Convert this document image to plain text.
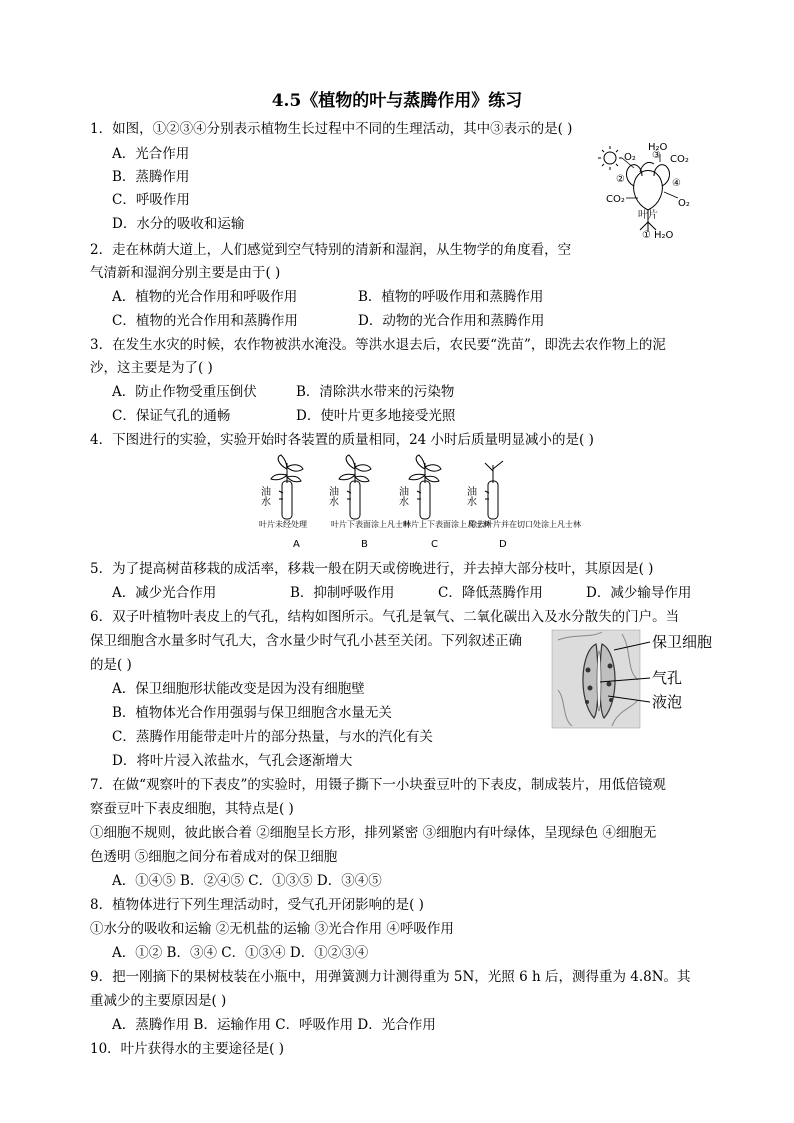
4.5《植物的叶与蒸腾作用》练习
1．如图，①②③④分别表示植物生长过程中不同的生理活动，其中③表示的是( )
A．光合作用
B．蒸腾作用
C．呼吸作用
D．水分的吸收和运输
H₂O
O₂	CO₂
②
③
④
CO₂
叶片
O₂
① H₂O
2．走在林荫大道上，人们感觉到空气特别的清新和湿润，从生物学的角度看，空
气清新和湿润分别主要是由于( )
A．植物的光合作用和呼吸作用	B．植物的呼吸作用和蒸腾作用
C．植物的光合作用和蒸腾作用	D．动物的光合作用和蒸腾作用
3．在发生水灾的时候，农作物被洪水淹没。等洪水退去后，农民要“洗苗”，即洗去农作物上的泥
沙，这主要是为了( )
A．防止作物受重压倒伏	B．清除洪水带来的污染物
C．保证气孔的通畅	D．使叶片更多地接受光照
4．下图进行的实验，实验开始时各装置的质量相同，24 小时后质量明显减小的是( )
油
水
油
水
油
水
油
水
叶片未经处理	叶片下表面涂上凡士林
叶片上下表面涂上凡士林
除去叶片并在切口处涂上凡士林
A	B	C	D
5．为了提高树苗移栽的成活率，移栽一般在阴天或傍晚进行，并去掉大部分枝叶，其原因是( )
A．减少光合作用	B．抑制呼吸作用	C．降低蒸腾作用	D．减少输导作用
6．双子叶植物叶表皮上的气孔，结构如图所示。气孔是氧气、二氧化碳出入及水分散失的门户。当
保卫细胞含水量多时气孔大，含水量少时气孔小甚至关闭。下列叙述正确
的是( )
A．保卫细胞形状能改变是因为没有细胞壁
B．植物体光合作用强弱与保卫细胞含水量无关
C．蒸腾作用能带走叶片的部分热量，与水的汽化有关
D．将叶片浸入浓盐水，气孔会逐渐增大
保卫细胞
气孔
液泡
7．在做“观察叶的下表皮”的实验时，用镊子撕下一小块蚕豆叶的下表皮，制成装片，用低倍镜观
察蚕豆叶下表皮细胞，其特点是( )
①细胞不规则，彼此嵌合着 ②细胞呈长方形，排列紧密 ③细胞内有叶绿体，呈现绿色 ④细胞无
色透明 ⑤细胞之间分布着成对的保卫细胞
A．①④⑤ B．②④⑤ C．①③⑤ D．③④⑤
8．植物体进行下列生理活动时，受气孔开闭影响的是( )
①水分的吸收和运输 ②无机盐的运输 ③光合作用 ④呼吸作用
A．①② B．③④ C．①③④ D．①②③④
9．把一刚摘下的果树枝装在小瓶中，用弹簧测力计测得重为 5N，光照 6 h 后，测得重为 4.8N。其
重减少的主要原因是( )
A．蒸腾作用 B．运输作用 C．呼吸作用 D．光合作用
10．叶片获得水的主要途径是( )
